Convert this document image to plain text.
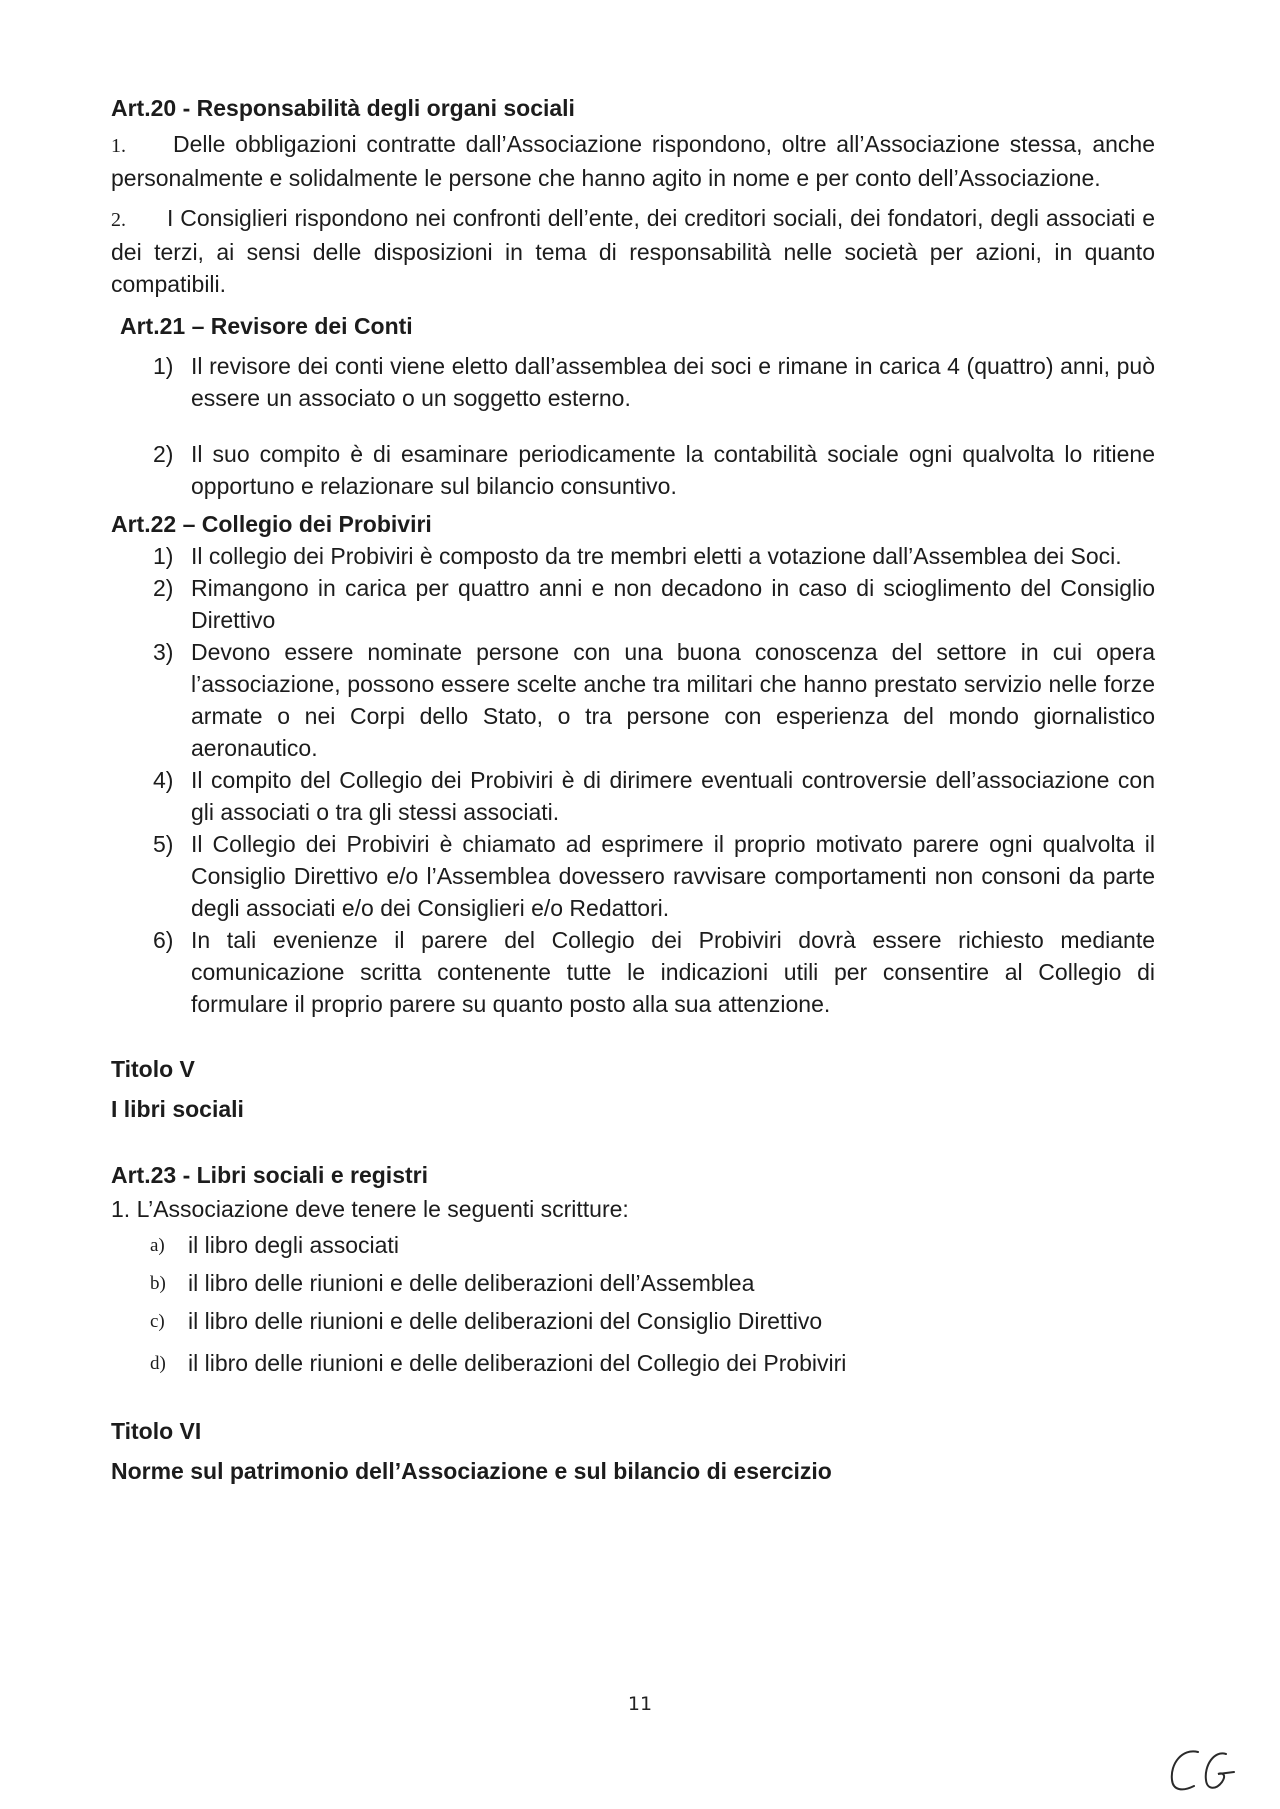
Art.20 - Responsabilità degli organi sociali
1. Delle obbligazioni contratte dall’Associazione rispondono, oltre all’Associazione stessa, anche personalmente e solidalmente le persone che hanno agito in nome e per conto dell’Associazione.
2. I Consiglieri rispondono nei confronti dell’ente, dei creditori sociali, dei fondatori, degli associati e dei terzi, ai sensi delle disposizioni in tema di responsabilità nelle società per azioni, in quanto compatibili.
Art.21 – Revisore dei Conti
1) Il revisore dei conti viene eletto dall’assemblea dei soci e rimane in carica 4 (quattro) anni, può essere un associato o un soggetto esterno.
2) Il suo compito è di esaminare periodicamente la contabilità sociale ogni qualvolta lo ritiene opportuno e relazionare sul bilancio consuntivo.
Art.22 – Collegio dei Probiviri
1) Il collegio dei Probiviri è composto da tre membri eletti a votazione dall’Assemblea dei Soci.
2) Rimangono in carica per quattro anni e non decadono in caso di scioglimento del Consiglio Direttivo
3) Devono essere nominate persone con una buona conoscenza del settore in cui opera l’associazione, possono essere scelte anche tra militari che hanno prestato servizio nelle forze armate o nei Corpi dello Stato, o tra persone con esperienza del mondo giornalistico aeronautico.
4) Il compito del Collegio dei Probiviri è di dirimere eventuali controversie dell’associazione con gli associati o tra gli stessi associati.
5) Il Collegio dei Probiviri è chiamato ad esprimere il proprio motivato parere ogni qualvolta il Consiglio Direttivo e/o l’Assemblea dovessero ravvisare comportamenti non consoni da parte degli associati e/o dei Consiglieri e/o Redattori.
6) In tali evenienze il parere del Collegio dei Probiviri dovrà essere richiesto mediante comunicazione scritta contenente tutte le indicazioni utili per consentire al Collegio di formulare il proprio parere su quanto posto alla sua attenzione.
Titolo V
I libri sociali
Art.23 - Libri sociali e registri
1. L’Associazione deve tenere le seguenti scritture:
a) il libro degli associati
b) il libro delle riunioni e delle deliberazioni dell’Assemblea
c) il libro delle riunioni e delle deliberazioni del Consiglio Direttivo
d) il libro delle riunioni e delle deliberazioni del Collegio dei Probiviri
Titolo VI
Norme sul patrimonio dell’Associazione e sul bilancio di esercizio
11
